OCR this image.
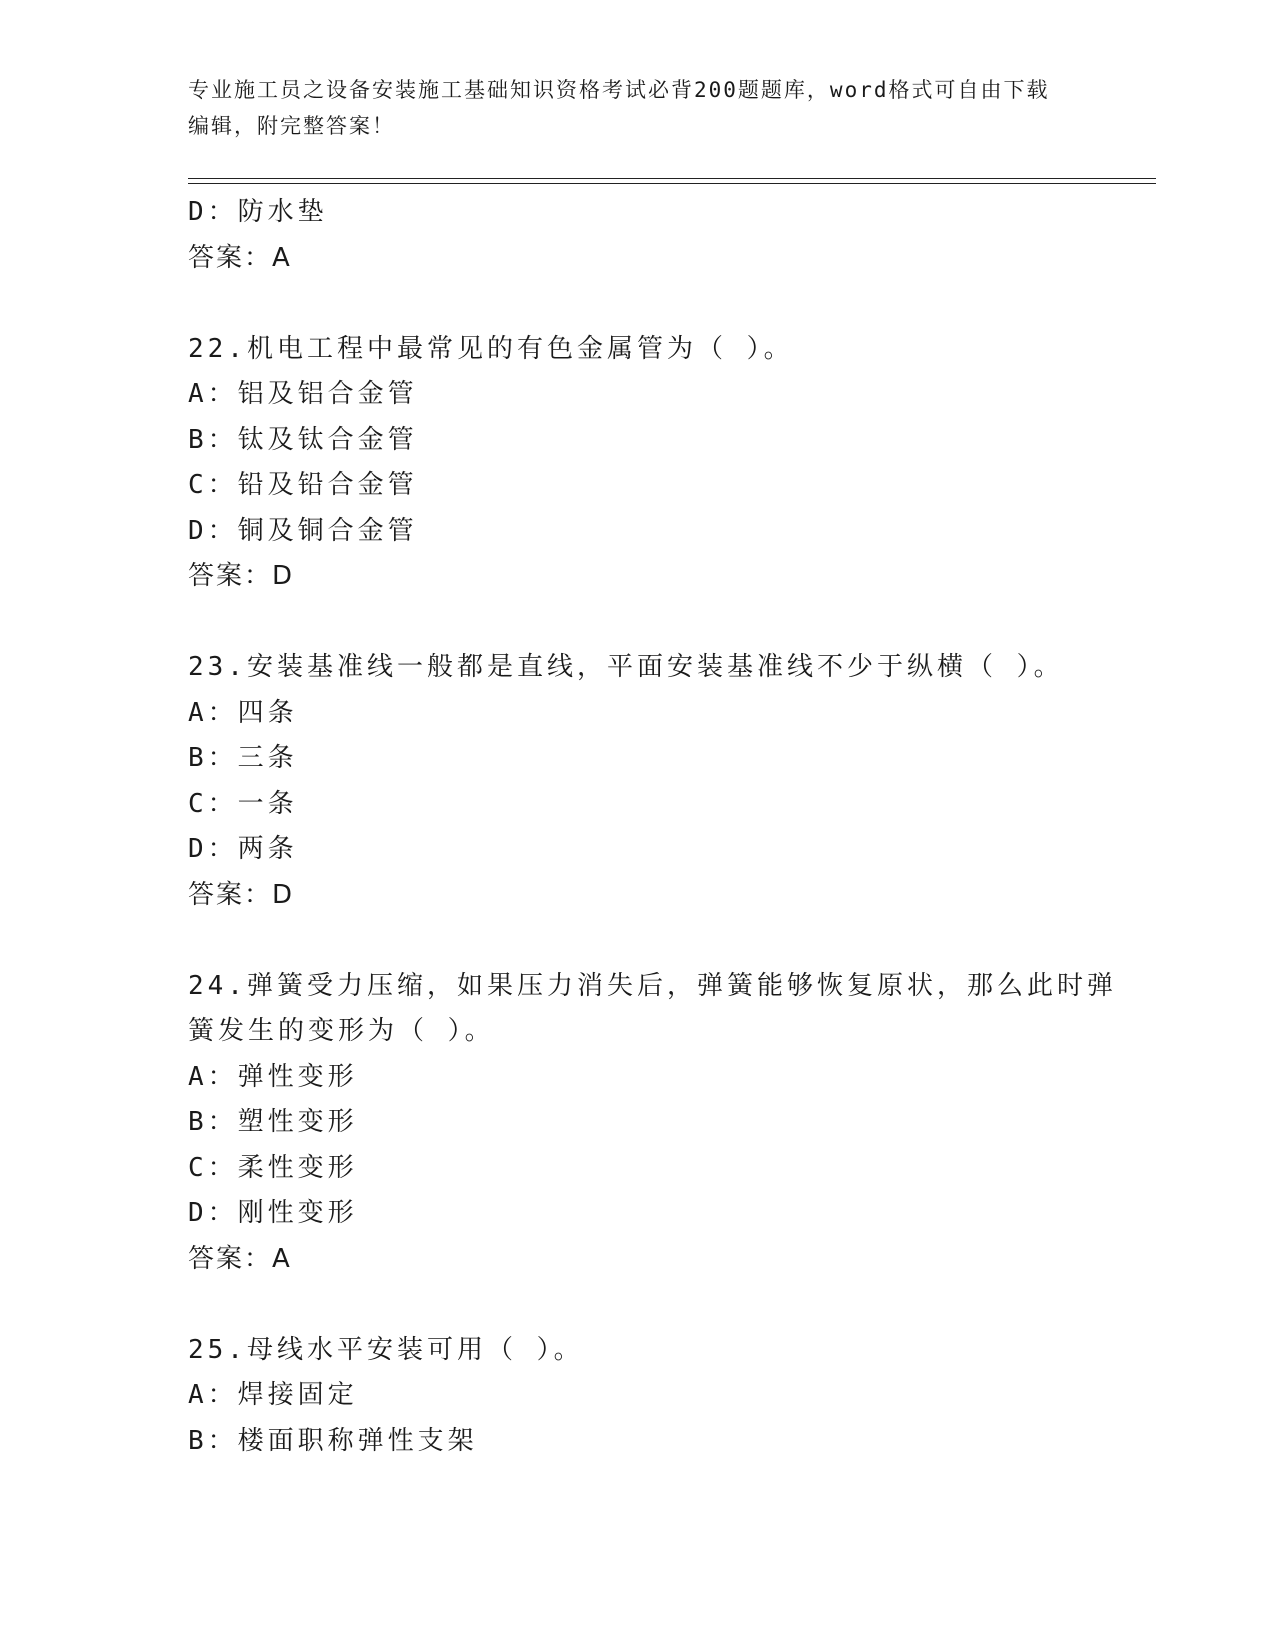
专业施工员之设备安装施工基础知识资格考试必背200题题库，word格式可自由下载编辑，附完整答案！
D：防水垫
答案：A
22.机电工程中最常见的有色金属管为（ ）。
A：铝及铝合金管
B：钛及钛合金管
C：铅及铅合金管
D：铜及铜合金管
答案：D
23.安装基准线一般都是直线，平面安装基准线不少于纵横（ ）。
A：四条
B：三条
C：一条
D：两条
答案：D
24.弹簧受力压缩，如果压力消失后，弹簧能够恢复原状，那么此时弹
簧发生的变形为（ ）。
A：弹性变形
B：塑性变形
C：柔性变形
D：刚性变形
答案：A
25.母线水平安装可用（ ）。
A：焊接固定
B：楼面职称弹性支架
